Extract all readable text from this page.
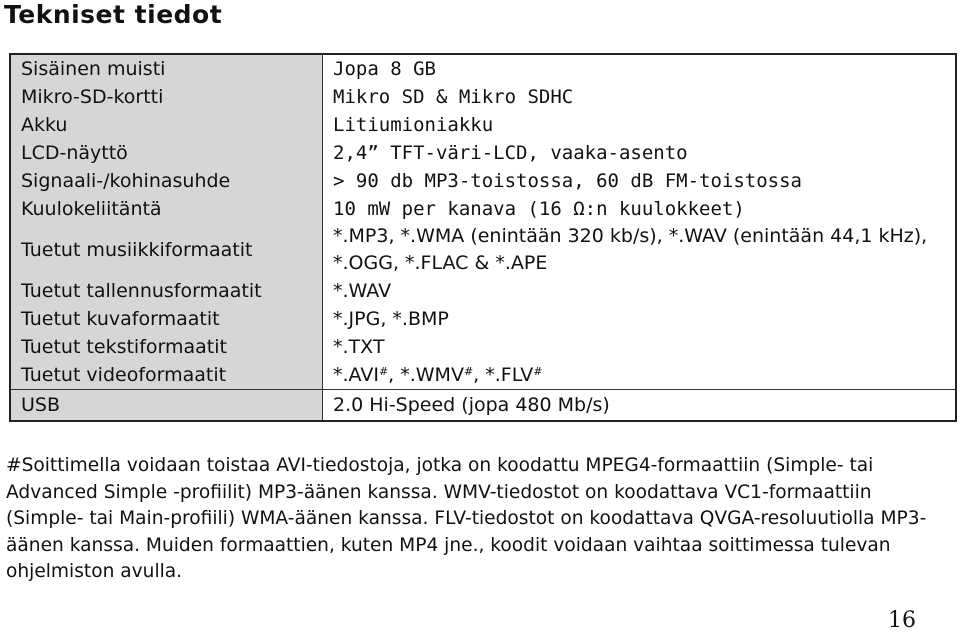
Tekniset tiedot
Sisäinen muisti	Jopa 8 GB
Mikro-SD-kortti	Mikro SD & Mikro SDHC
Akku	Litiumioniakku
LCD-näyttö	2,4” TFT-väri-LCD, vaaka-asento
Signaali-/kohinasuhde	> 90 db MP3-toistossa, 60 dB FM-toistossa
Kuulokeliitäntä	10 mW per kanava (16 Ω:n kuulokkeet)
Tuetut musiikkiformaatit	*.MP3, *.WMA (enintään 320 kb/s), *.WAV (enintään 44,1 kHz), *.OGG, *.FLAC & *.APE
Tuetut tallennusformaatit	*.WAV
Tuetut kuvaformaatit	*.JPG, *.BMP
Tuetut tekstiformaatit	*.TXT
Tuetut videoformaatit	*.AVI#, *.WMV#, *.FLV#
USB	2.0 Hi-Speed (jopa 480 Mb/s)

#Soittimella voidaan toistaa AVI-tiedostoja, jotka on koodattu MPEG4-formaattiin (Simple- tai Advanced Simple -profiilit) MP3-äänen kanssa. WMV-tiedostot on koodattava VC1-formaattiin (Simple- tai Main-profiili) WMA-äänen kanssa. FLV-tiedostot on koodattava QVGA-resoluutiolla MP3-äänen kanssa. Muiden formaattien, kuten MP4 jne., koodit voidaan vaihtaa soittimessa tulevan ohjelmiston avulla.

16
